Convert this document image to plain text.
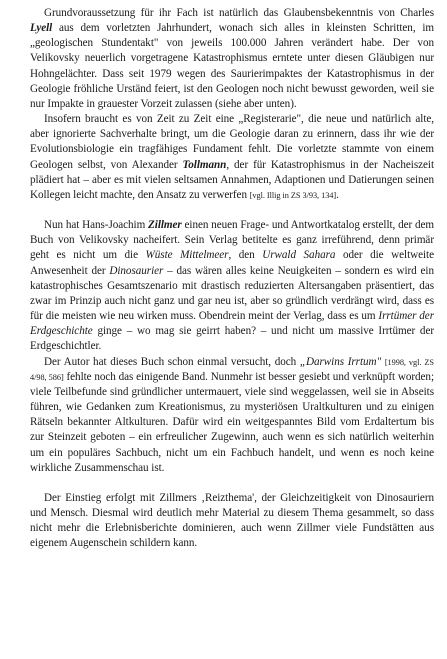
Grundvoraussetzung für ihr Fach ist natürlich das Glaubensbekenntnis von Charles Lyell aus dem vorletzten Jahrhundert, wonach sich alles in kleinsten Schritten, im „geologischen Stundentakt" von jeweils 100.000 Jahren verändert habe. Der von Velikovsky neuerlich vorgetragene Katastrophismus erntete unter diesen Gläubigen nur Hohngelächter. Dass seit 1979 wegen des Saurierimpaktes der Katastrophismus in der Geologie fröhliche Urständ feiert, ist den Geologen noch nicht bewusst geworden, weil sie nur Impakte in grauester Vorzeit zulassen (siehe aber unten).

Insofern braucht es von Zeit zu Zeit eine „Registerarie", die neue und natürlich alte, aber ignorierte Sachverhalte bringt, um die Geologie daran zu erinnern, dass ihr wie der Evolutionsbiologie ein tragfähiges Fundament fehlt. Die vorletzte stammte von einem Geologen selbst, von Alexander Tollmann, der für Katastrophismus in der Nacheiszeit plädiert hat – aber es mit vielen seltsamen Annahmen, Adaptionen und Datierungen seinen Kollegen leicht machte, den Ansatz zu verwerfen [vgl. Illig in ZS 3/93, 134].

Nun hat Hans-Joachim Zillmer einen neuen Frage- und Antwortkatalog erstellt, der dem Buch von Velikovsky nacheifert. Sein Verlag betitelte es ganz irreführend, denn primär geht es nicht um die Wüste Mittelmeer, den Urwald Sahara oder die weltweite Anwesenheit der Dinosaurier – das wären alles keine Neuigkeiten – sondern es wird ein katastrophisches Gesamtszenario mit drastisch reduzierten Altersangaben präsentiert, das zwar im Prinzip auch nicht ganz und gar neu ist, aber so gründlich verdrängt wird, dass es für die meisten wie neu wirken muss. Obendrein meint der Verlag, dass es um Irrtümer der Erdgeschichte ginge – wo mag sie geirrt haben? – und nicht um massive Irrtümer der Erdgeschichtler.

Der Autor hat dieses Buch schon einmal versucht, doch „Darwins Irrtum" [1998, vgl. ZS 4/98, 586] fehlte noch das einigende Band. Nunmehr ist besser gesiebt und verknüpft worden; viele Teilbefunde sind gründlicher untermauert, viele sind weggelassen, weil sie in Abseits führen, wie Gedanken zum Kreationismus, zu mysteriösen Uraltkulturen und zu einigen Rätseln bekannter Altkulturen. Dafür wird ein weitgespanntes Bild vom Erdaltertum bis zur Steinzeit geboten – ein erfreulicher Zugewinn, auch wenn es sich natürlich weiterhin um ein populäres Sachbuch, nicht um ein Fachbuch handelt, und wenn es noch keine wirkliche Zusammenschau ist.

Der Einstieg erfolgt mit Zillmers ‚Reizthema', der Gleichzeitigkeit von Dinosauriern und Mensch. Diesmal wird deutlich mehr Material zu diesem Thema gesammelt, so dass nicht mehr die Erlebnisberichte dominieren, auch wenn Zillmer viele Fundstätten aus eigenem Augenschein schildern kann.
